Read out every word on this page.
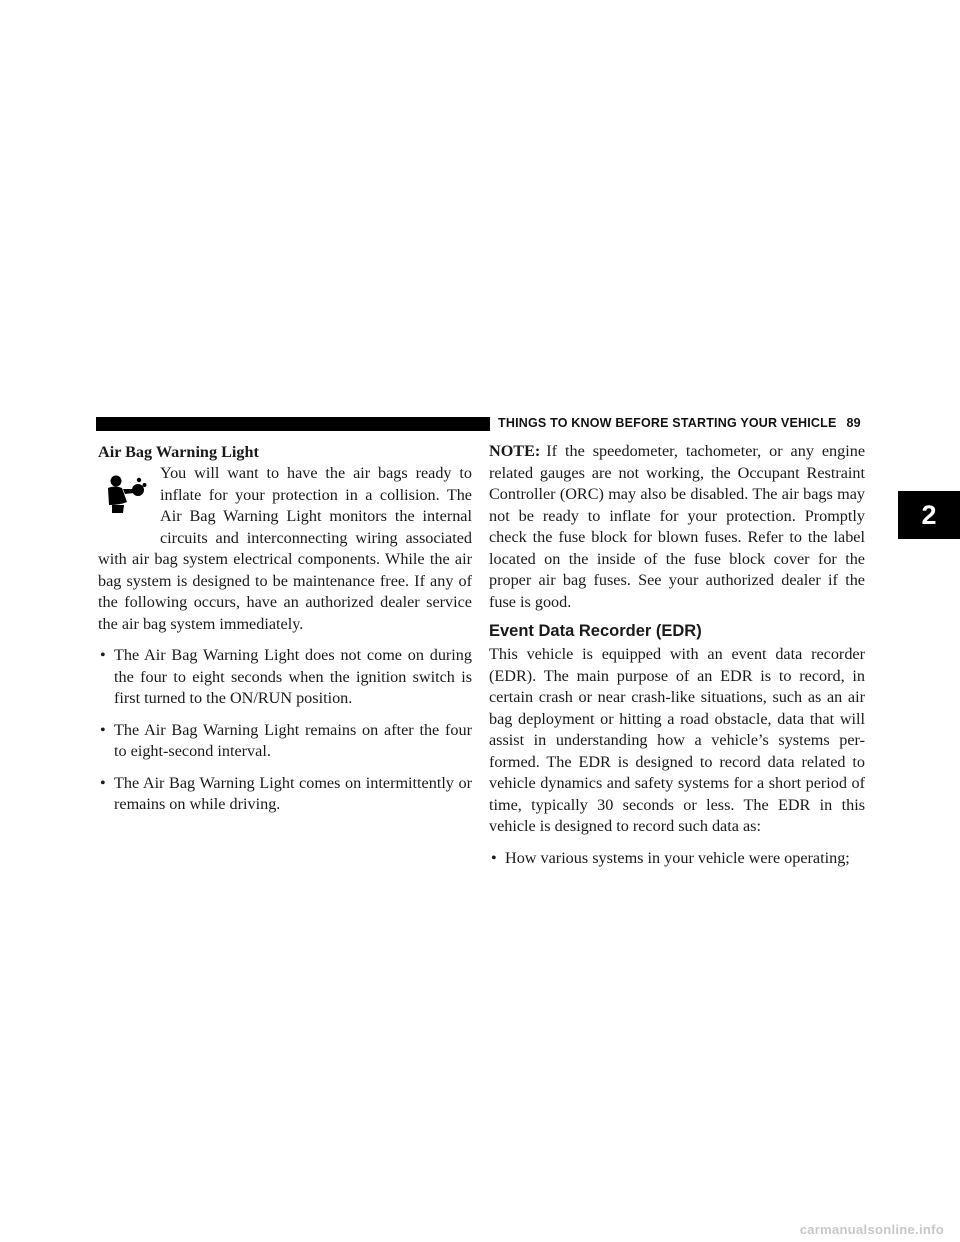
THINGS TO KNOW BEFORE STARTING YOUR VEHICLE 89
2
Air Bag Warning Light

You will want to have the air bags ready to inflate for your protection in a collision. The Air Bag Warning Light monitors the internal circuits and interconnecting wiring associated with air bag system electrical components. While the air bag system is designed to be maintenance free. If any of the following occurs, have an authorized dealer service the air bag system immediately.

• The Air Bag Warning Light does not come on during the four to eight seconds when the ignition switch is first turned to the ON/RUN position.
• The Air Bag Warning Light remains on after the four to eight-second interval.
• The Air Bag Warning Light comes on intermittently or remains on while driving.

NOTE: If the speedometer, tachometer, or any engine related gauges are not working, the Occupant Restraint Controller (ORC) may also be disabled. The air bags may not be ready to inflate for your protection. Promptly check the fuse block for blown fuses. Refer to the label located on the inside of the fuse block cover for the proper air bag fuses. See your authorized dealer if the fuse is good.

Event Data Recorder (EDR)

This vehicle is equipped with an event data recorder (EDR). The main purpose of an EDR is to record, in certain crash or near crash-like situations, such as an air bag deployment or hitting a road obstacle, data that will assist in understanding how a vehicle’s systems per-formed. The EDR is designed to record data related to vehicle dynamics and safety systems for a short period of time, typically 30 seconds or less. The EDR in this vehicle is designed to record such data as:

• How various systems in your vehicle were operating;
carmanualsonline.info
